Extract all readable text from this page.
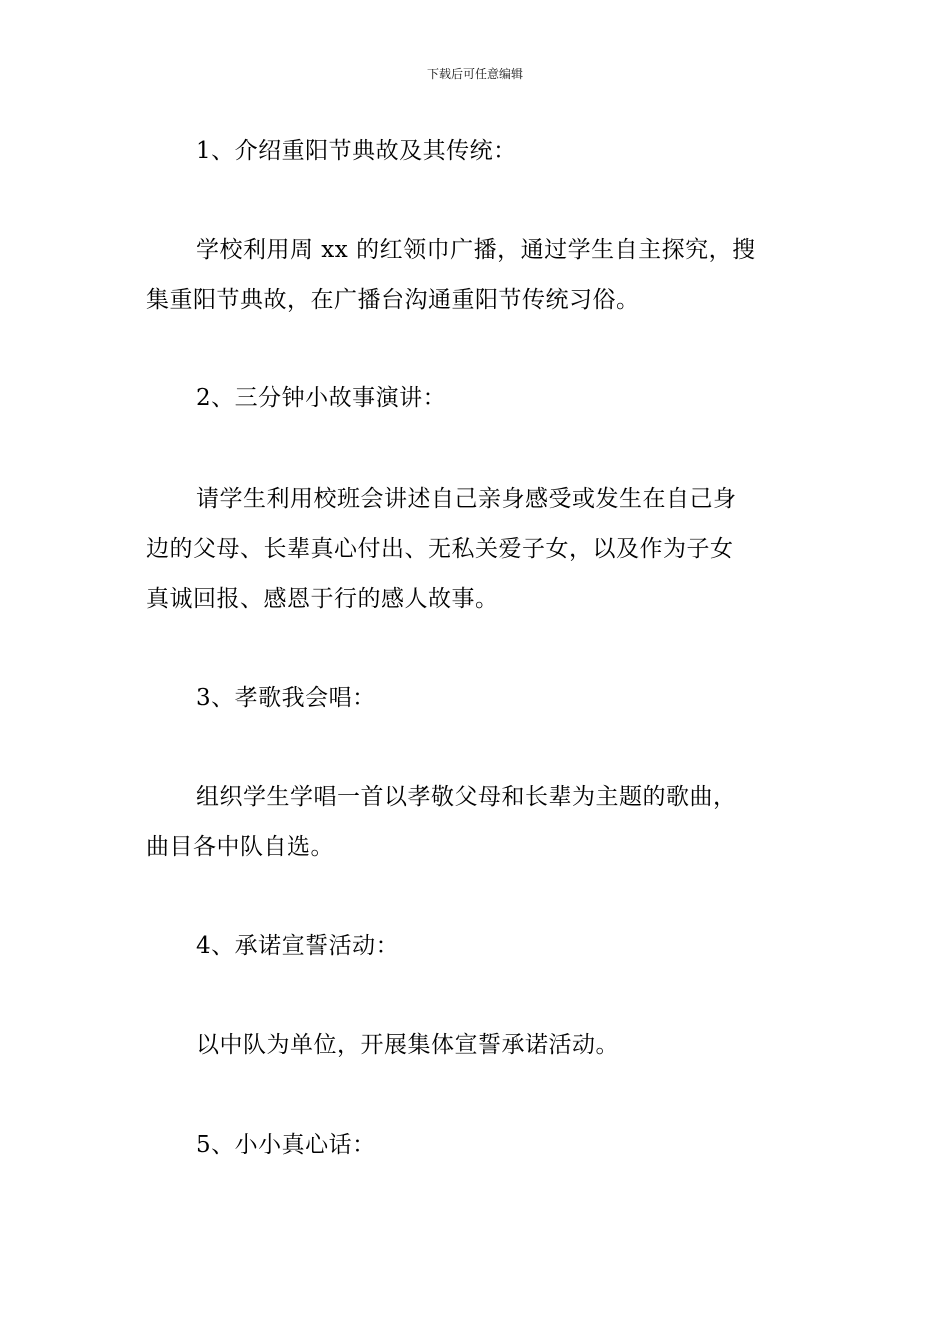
下载后可任意编辑
1、介绍重阳节典故及其传统：
学校利用周 xx 的红领巾广播，通过学生自主探究，搜
集重阳节典故，在广播台沟通重阳节传统习俗。
2、三分钟小故事演讲：
请学生利用校班会讲述自己亲身感受或发生在自己身
边的父母、长辈真心付出、无私关爱子女，以及作为子女
真诚回报、感恩于行的感人故事。
3、孝歌我会唱：
组织学生学唱一首以孝敬父母和长辈为主题的歌曲，
曲目各中队自选。
4、承诺宣誓活动：
以中队为单位，开展集体宣誓承诺活动。
5、小小真心话：
